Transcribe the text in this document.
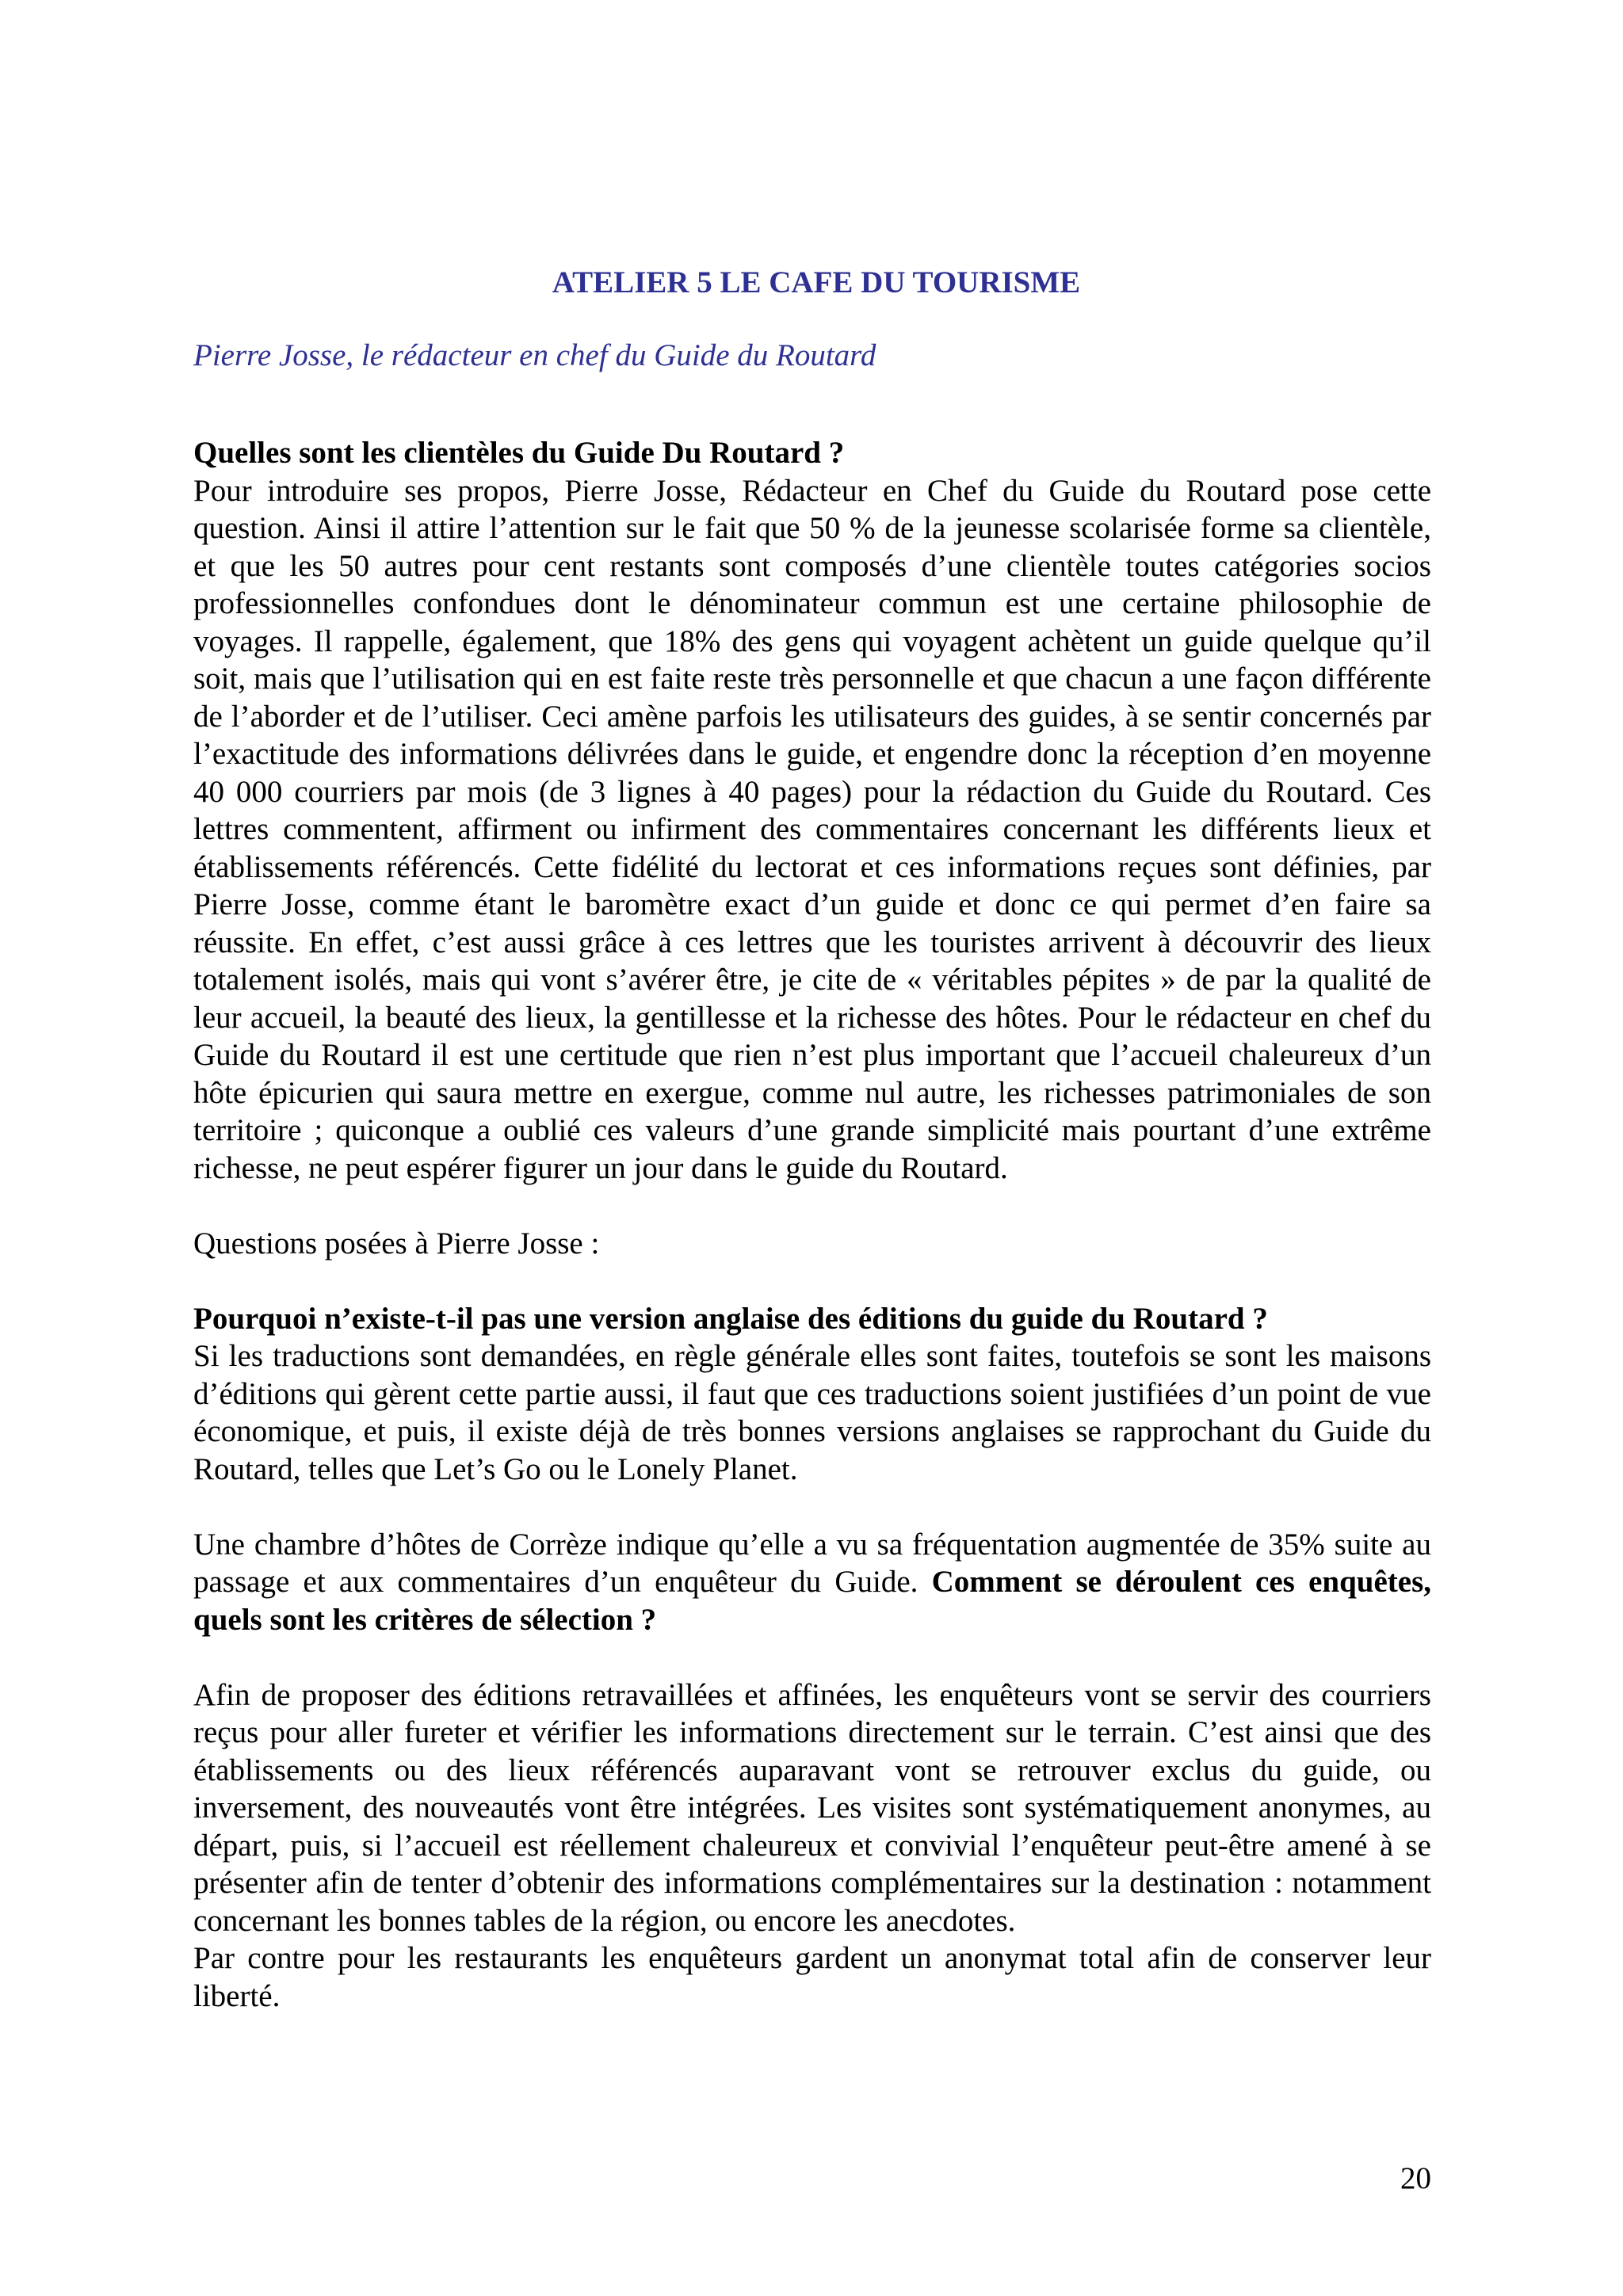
ATELIER 5 LE CAFE DU TOURISME
Pierre Josse, le rédacteur en chef du Guide du Routard
Quelles sont les clientèles du Guide Du Routard ?

Pour introduire ses propos, Pierre Josse, Rédacteur en Chef du Guide du Routard pose cette question. Ainsi il attire l’attention sur le fait que 50 % de la jeunesse scolarisée forme sa clientèle, et que les 50 autres pour cent restants sont composés d’une clientèle toutes catégories socios professionnelles confondues dont le dénominateur commun est une certaine philosophie de voyages. Il rappelle, également, que 18% des gens qui voyagent achètent un guide quelque qu’il soit, mais que l’utilisation qui en est faite reste très personnelle et que chacun a une façon différente de l’aborder et de l’utiliser. Ceci amène parfois les utilisateurs des guides, à se sentir concernés par l’exactitude des informations délivrées dans le guide, et engendre donc la réception d’en moyenne 40 000 courriers par mois (de 3 lignes à 40 pages) pour la rédaction du Guide du Routard. Ces lettres commentent, affirment ou infirment des commentaires concernant les différents lieux et établissements référencés. Cette fidélité du lectorat et ces informations reçues sont définies, par Pierre Josse, comme étant le baromètre exact d’un guide et donc ce qui permet d’en faire sa réussite. En effet, c’est aussi grâce à ces lettres que les touristes arrivent à découvrir des lieux totalement isolés, mais qui vont s’avérer être, je cite de « véritables pépites » de par la qualité de leur accueil, la beauté des lieux, la gentillesse et la richesse des hôtes. Pour le rédacteur en chef du Guide du Routard il est une certitude que rien n’est plus important que l’accueil chaleureux d’un hôte épicurien qui saura mettre en exergue, comme nul autre, les richesses patrimoniales de son territoire ; quiconque a oublié ces valeurs d’une grande simplicité mais pourtant d’une extrême richesse, ne peut espérer figurer un jour dans le guide du Routard.

Questions posées à Pierre Josse :

Pourquoi n’existe-t-il pas une version anglaise des éditions du guide du Routard ?

Si les traductions sont demandées, en règle générale elles sont faites, toutefois se sont les maisons d’éditions qui gèrent cette partie aussi, il faut que ces traductions soient justifiées d’un point de vue économique, et puis, il existe déjà de très bonnes versions anglaises se rapprochant du Guide du Routard, telles que Let’s Go ou le Lonely Planet.

Une chambre d’hôtes de Corrèze indique qu’elle a vu sa fréquentation augmentée de 35% suite au passage et aux commentaires d’un enquêteur du Guide. Comment se déroulent ces enquêtes, quels sont les critères de sélection ?

Afin de proposer des éditions retravaillées et affinées, les enquêteurs vont se servir des courriers reçus pour aller fureter et vérifier les informations directement sur le terrain. C’est ainsi que des établissements ou des lieux référencés auparavant vont se retrouver exclus du guide, ou inversement, des nouveautés vont être intégrées. Les visites sont systématiquement anonymes, au départ, puis, si l’accueil est réellement chaleureux et convivial l’enquêteur peut-être amené à se présenter afin de tenter d’obtenir des informations complémentaires sur la destination : notamment concernant les bonnes tables de la région, ou encore les anecdotes.

Par contre pour les restaurants les enquêteurs gardent un anonymat total afin de conserver leur liberté.

20
